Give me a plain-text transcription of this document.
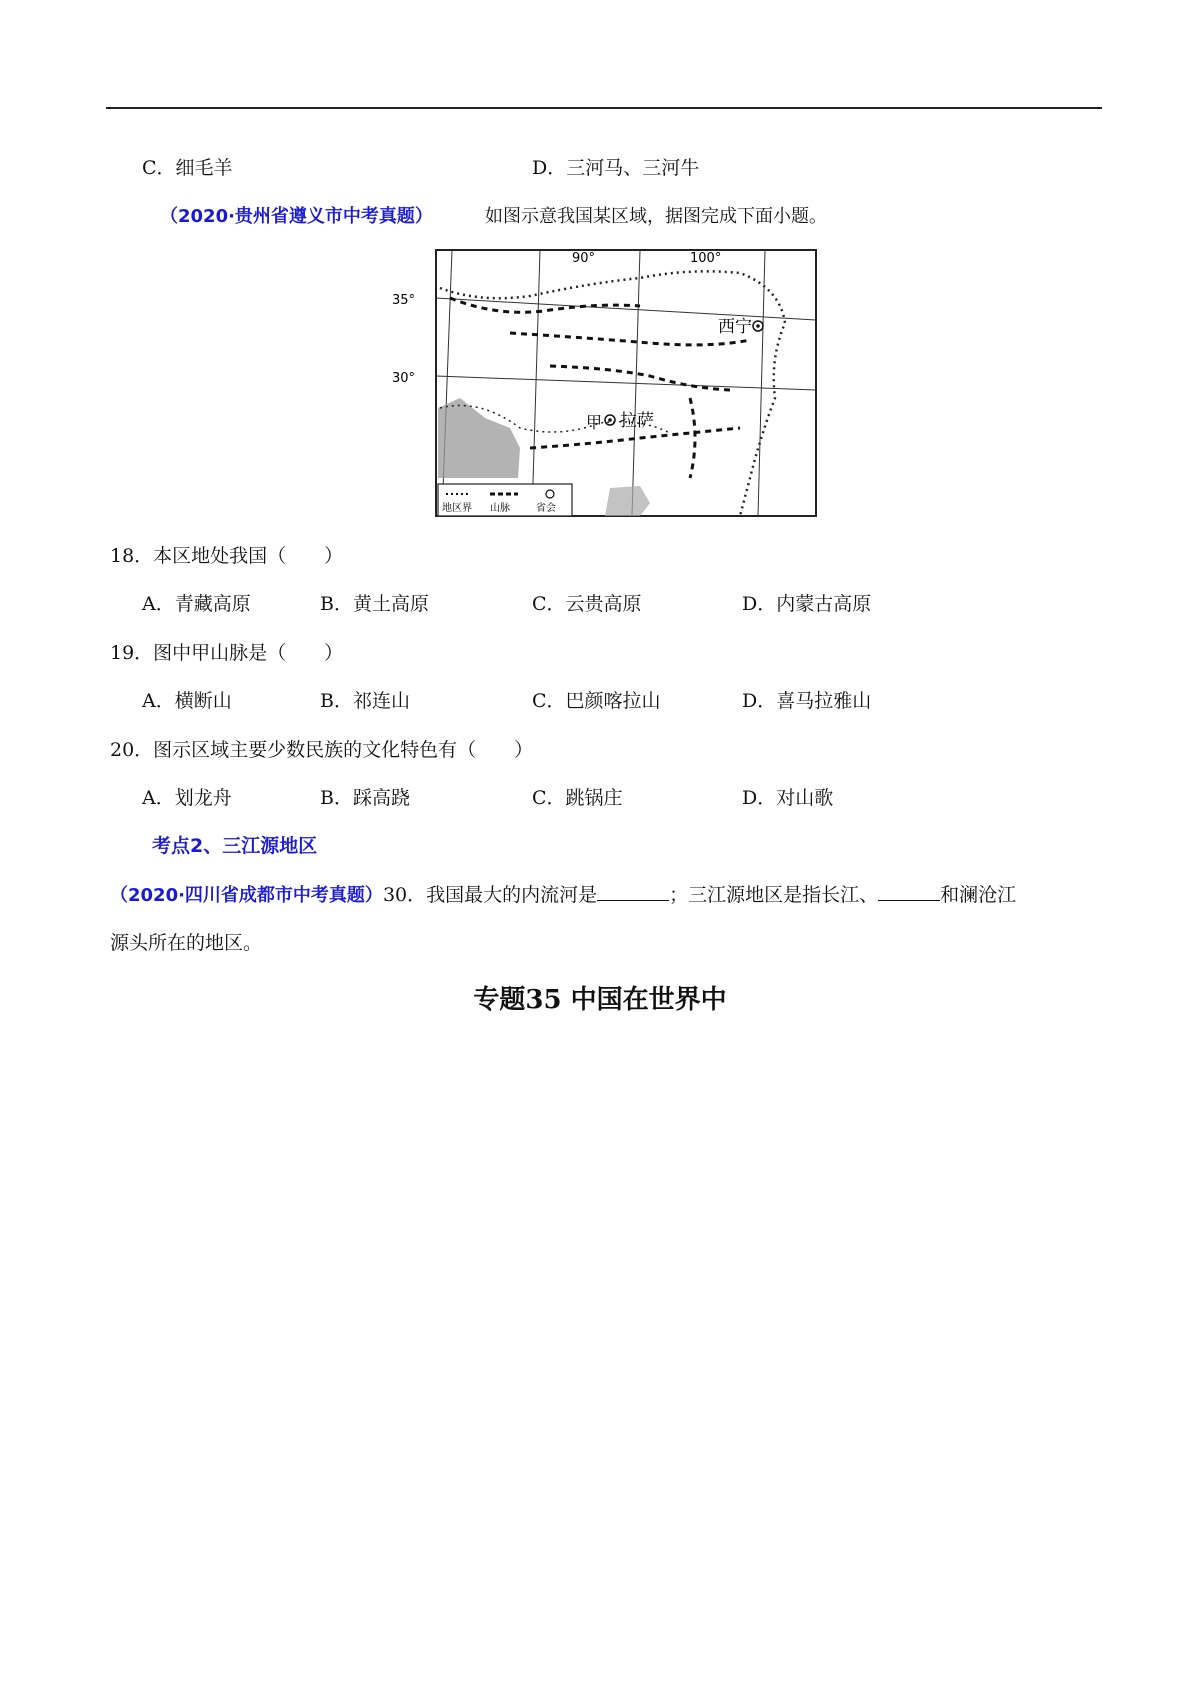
C．细毛羊	D．三河马、三河牛
（2020·贵州省遵义市中考真题）	如图示意我国某区域，据图完成下面小题。
90°	100°
35°
30°
西宁
拉萨
甲
地区界 山脉	省会
18．本区地处我国（　　）
A．青藏高原	B．黄土高原	C．云贵高原	D．内蒙古高原
19．图中甲山脉是（　　）
A．横断山	B．祁连山	C．巴颜喀拉山	D．喜马拉雅山
20．图示区域主要少数民族的文化特色有（　　）
A．划龙舟	B．踩高跷	C．跳锅庄	D．对山歌
考点2、三江源地区
（2020·四川省成都市中考真题）30．我国最大的内流河是	；三江源地区是指长江、	和澜沧江
源头所在的地区。
专题35 中国在世界中
